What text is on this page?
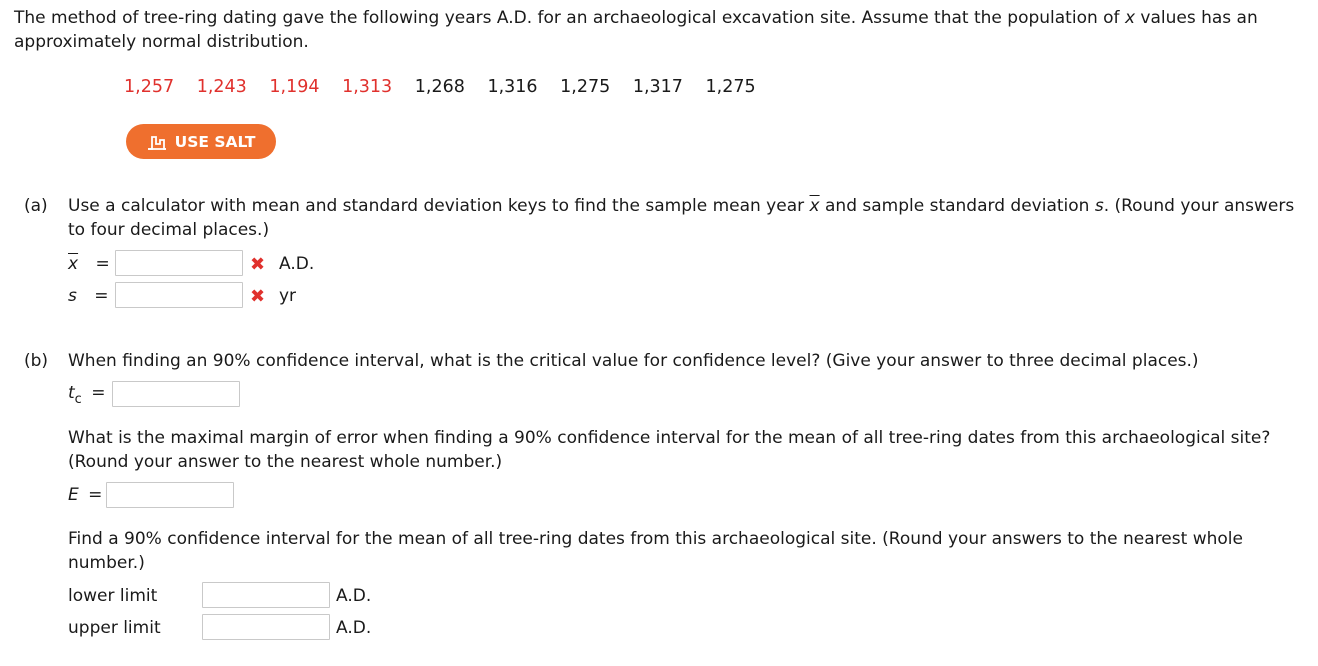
The method of tree-ring dating gave the following years A.D. for an archaeological excavation site. Assume that the population of x values has an approximately normal distribution.
1,257 1,243 1,194 1,313 1,268 1,316 1,275 1,317 1,275
USE SALT
(a) Use a calculator with mean and standard deviation keys to find the sample mean year $\overline{x}$ and sample standard deviation s. (Round your answers to four decimal places.)
$\overline{x}$ =	✖ A.D.
s =	✖ yr
(b) When finding an 90% confidence interval, what is the critical value for confidence level? (Give your answer to three decimal places.)
$t_c$ =
What is the maximal margin of error when finding a 90% confidence interval for the mean of all tree-ring dates from this archaeological site? (Round your answer to the nearest whole number.)
E =
Find a 90% confidence interval for the mean of all tree-ring dates from this archaeological site. (Round your answers to the nearest whole number.)
lower limit	A.D.
upper limit	A.D.
